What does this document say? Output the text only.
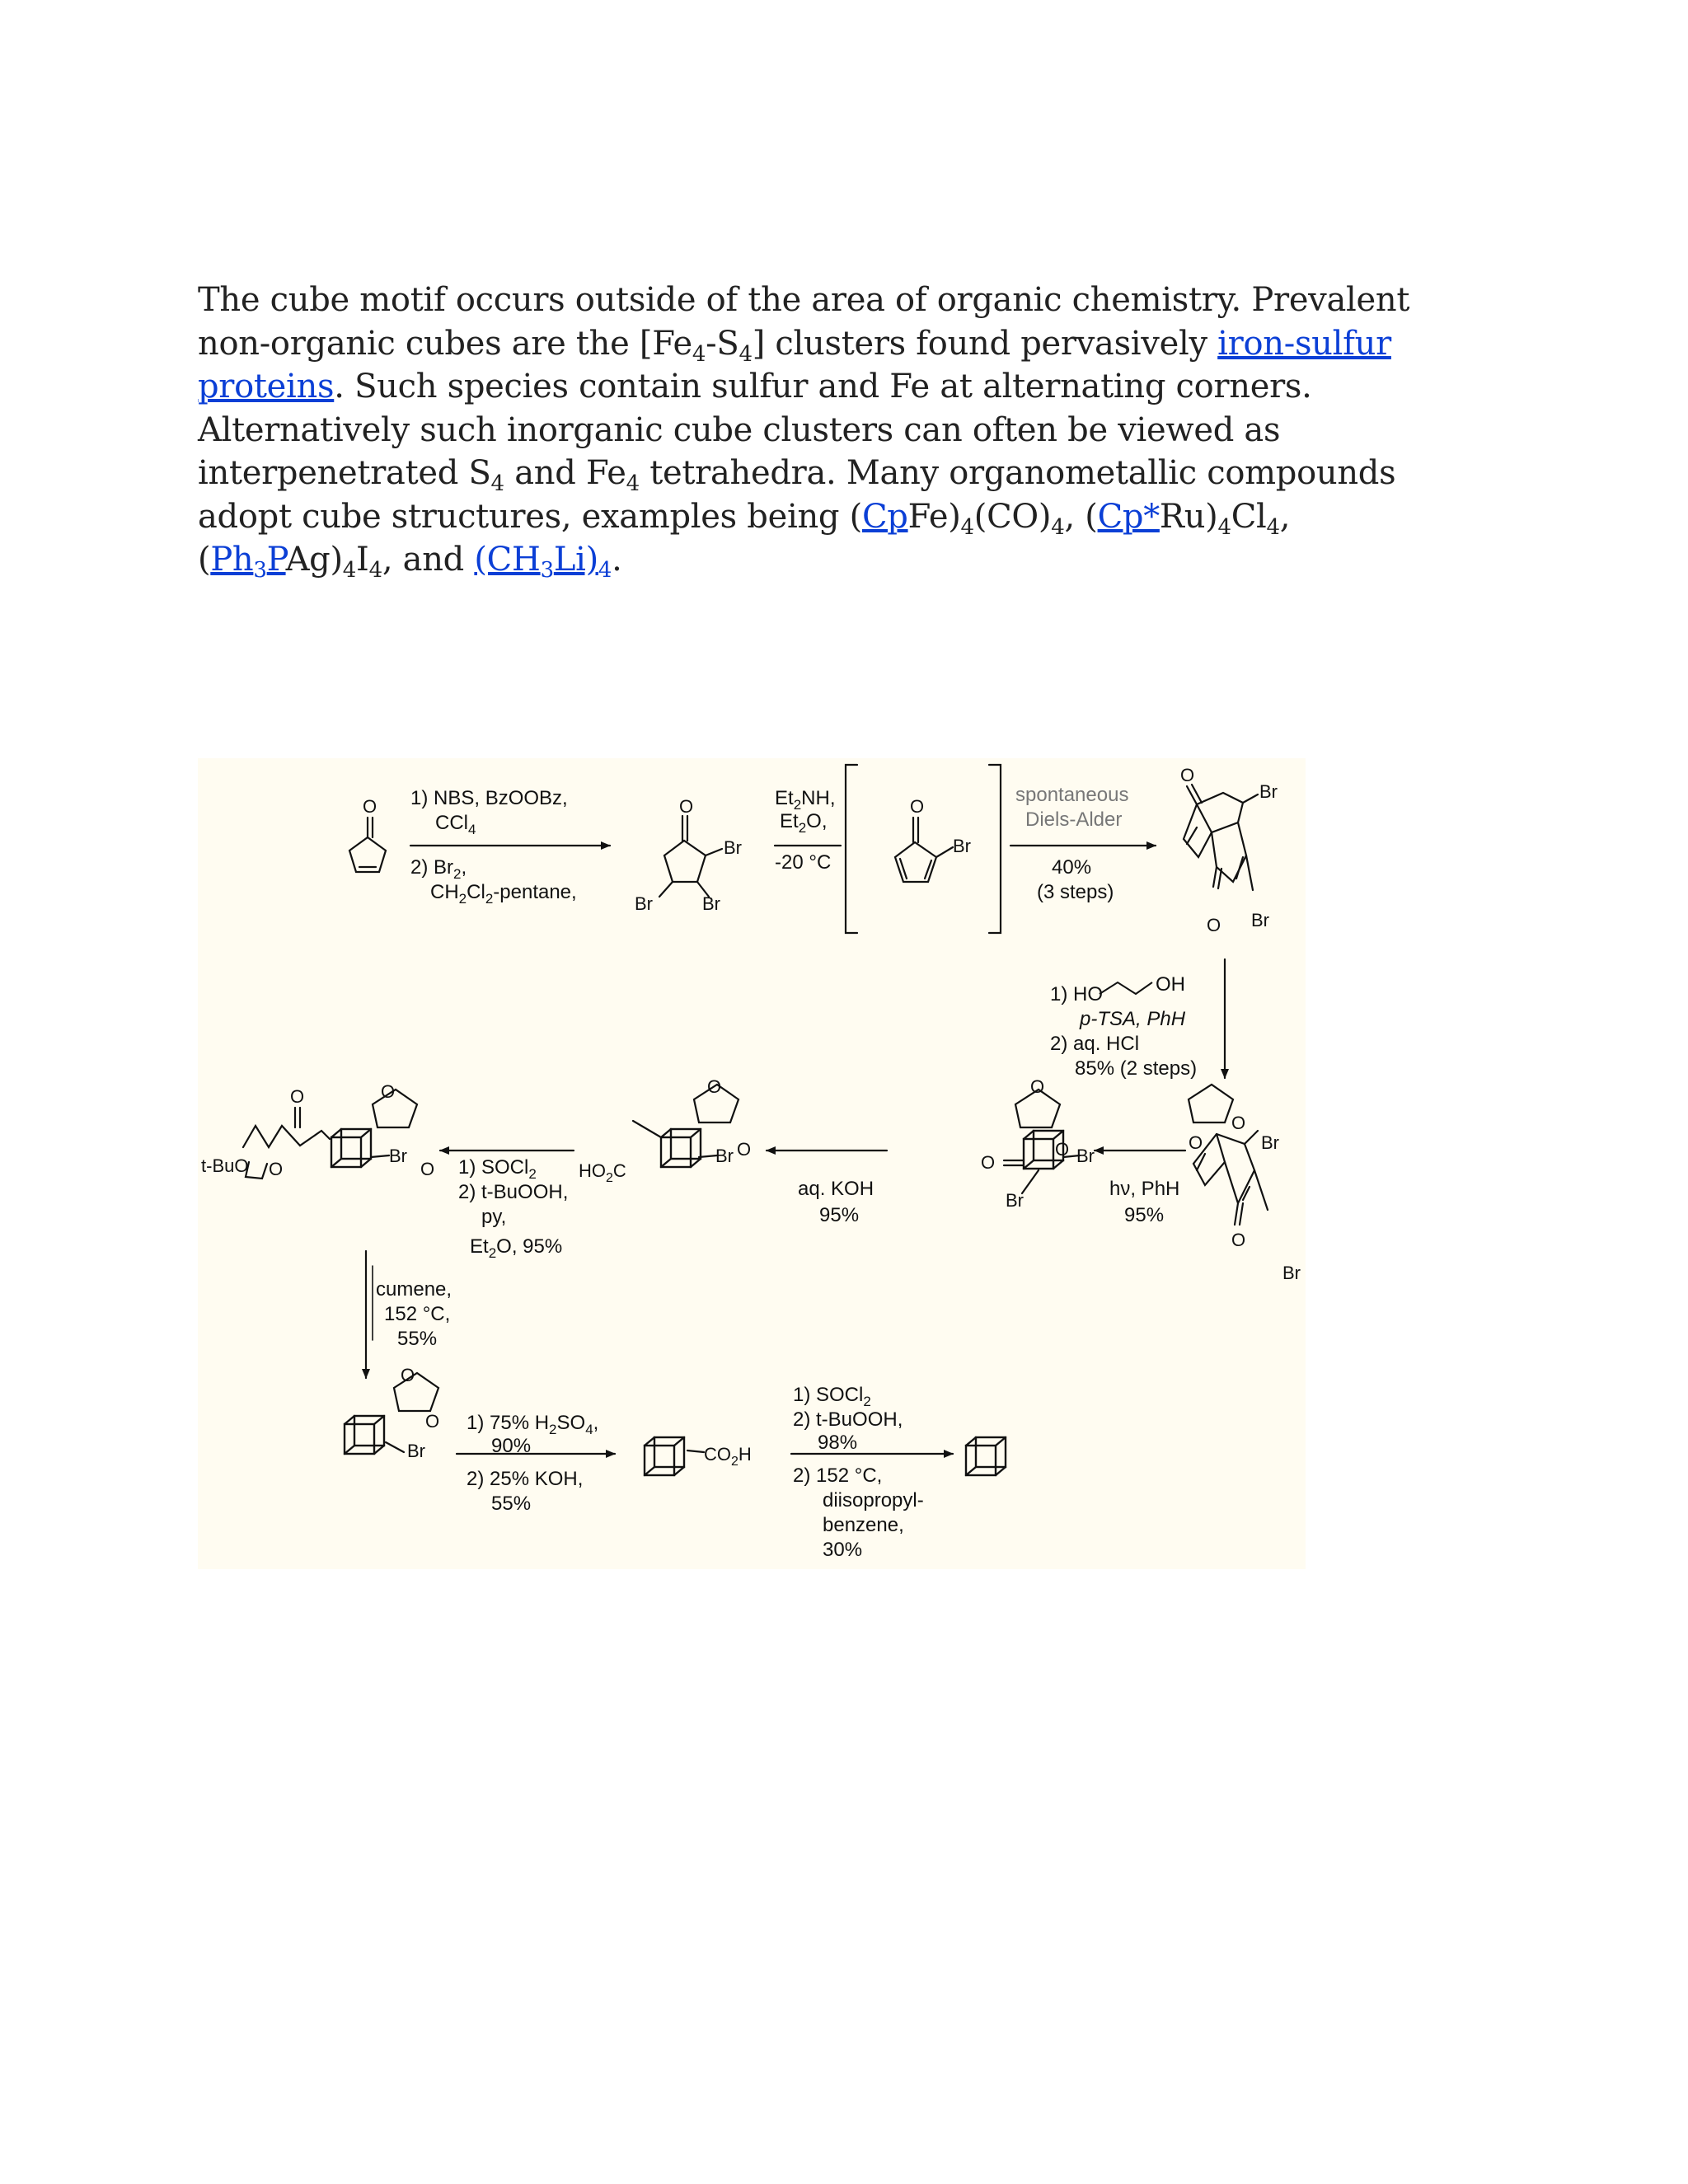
The cube motif occurs outside of the area of organic chemistry. Prevalent non-organic cubes are the $[Fe_4-S_4]$ clusters found pervasively iron-sulfur proteins. Such species contain sulfur and Fe at alternating corners. Alternatively such inorganic cube clusters can often be viewed as interpenetrated $S_4$ and $Fe_4$ tetrahedra. Many organometallic compounds adopt cube structures, examples being $(CpFe)_4(CO)_4$, $(Cp*Ru)_4Cl_4$, $(Ph_3PAg)_4I_4$, and $(CH_3Li)_4$.
O	O
Br
Br	Br
O
Br
O
Br
O Br
O
O	Br
O
Br
O
O
O	Br
Br
O
O
Br
O
O
Br
O
O
O
O
Br
t-BuO	$HO_2C$
$CO_2H$
1) NBS, BzOOBz,
CCl$_4$
2) $Br_2$,
$CH_2Cl_2$-pentane,
$Et_2NH$,
$Et_2O$,
-20 °C
spontaneous
Diels-Alder
40%
(3 steps)
1) HO	OH
p-TSA, PhH
2) aq. HCl
85% (2 steps)
hν, PhH
95%
aq. KOH
95%
1) SOCl$_2$
2) t-BuOOH,
py,
$Et_2O$, 95%
cumene,
152 °C,
55%
1) 75% $H_2SO_4$,
90%
2) 25% KOH,
55%
1) SOCl$_2$
2) t-BuOOH,
98%
2) 152 °C,
diisopropyl-
benzene,
30%
